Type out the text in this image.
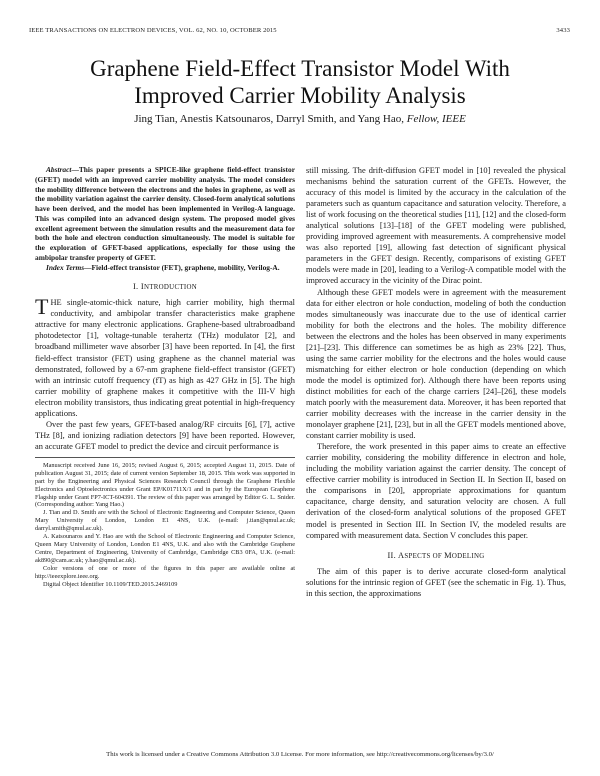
IEEE TRANSACTIONS ON ELECTRON DEVICES, VOL. 62, NO. 10, OCTOBER 2015	3433
Graphene Field-Effect Transistor Model With
Improved Carrier Mobility Analysis
Jing Tian, Anestis Katsounaros, Darryl Smith, and Yang Hao, Fellow, IEEE

Abstract—This paper presents a SPICE-like graphene field-effect transistor (GFET) model with an improved carrier mobility analysis. The model considers the mobility difference between the electrons and the holes in graphene, as well as the mobility variation against the carrier density. Closed-form analytical solutions have been derived, and the model has been implemented in Verilog-A language. This was compiled into an advanced design system. The proposed model gives excellent agreement between the simulation results and the measurement data for both the hole and electron conduction simultaneously. The model is suitable for the exploration of GFET-based applications, especially for those using the ambipolar transfer property of GFET.

Index Terms—Field-effect transistor (FET), graphene, mobility, Verilog-A.

I. INTRODUCTION
T HE single-atomic-thick nature, high carrier mobility, high thermal conductivity, and ambipolar transfer characteristics make graphene attractive for many electronic applications. Graphene-based ultrabroadband photodetector [1], voltage-tunable terahertz (THz) modulator [2], and broadband millimeter wave absorber [3] have been reported. In [4], the first field-effect transistor (FET) using graphene as the channel material was demonstrated, followed by a 67-nm graphene field-effect transistor (GFET) with an intrinsic cutoff frequency (fT) as high as 427 GHz in [5]. The high carrier mobility of graphene makes it competitive with the III-V high electron mobility transistors, thus indicating great potential in high-frequency applications.

Over the past few years, GFET-based analog/RF circuits [6], [7], active THz [8], and ionizing radiation detectors [9] have been reported. However, an accurate GFET model to predict the device and circuit performance is

Manuscript received June 16, 2015; revised August 6, 2015; accepted August 11, 2015. Date of publication August 31, 2015; date of current version September 18, 2015. This work was supported in part by the Engineering and Physical Sciences Research Council through the Graphene Flexible Electronics and Optoelectronics under Grant EP/K01711X/1 and in part by the European Graphene Flagship under Grant FP7-ICT-604391. The review of this paper was arranged by Editor G. L. Snider. (Corresponding author: Yang Hao.)

J. Tian and D. Smith are with the School of Electronic Engineering and Computer Science, Queen Mary University of London, London E1 4NS, U.K. (e-mail: j.tian@qmul.ac.uk; darryl.smith@qmul.ac.uk).

A. Katsounaros and Y. Hao are with the School of Electronic Engineering and Computer Science, Queen Mary University of London, London E1 4NS, U.K. and also with the Cambridge Graphene Centre, Department of Engineering, University of Cambridge, Cambridge CB3 0FA, U.K. (e-mail: ak890@cam.ac.uk; y.hao@qmul.ac.uk).

Color versions of one or more of the figures in this paper are available online at http://ieeexplore.ieee.org.

Digital Object Identifier 10.1109/TED.2015.2469109

still missing. The drift-diffusion GFET model in [10] revealed the physical mechanisms behind the saturation current of the GFETs. However, the accuracy of this model is limited by the accuracy in the calculation of the parameters such as quantum capacitance and saturation velocity. Therefore, a list of work focusing on the theoretical studies [11], [12] and the closed-form analytical solutions [13]–[18] of the GFET modeling were published, providing improved agreement with measurements. A comprehensive model was also reported [19], allowing fast detection of significant physical parameters in the GFET design. Recently, comparisons of existing GFET models were made in [20], leading to a Verilog-A compatible model with the improved accuracy in the vicinity of the Dirac point.

Although these GFET models were in agreement with the measurement data for either electron or hole conduction, modeling of both the conduction modes simultaneously was inaccurate due to the use of identical carrier mobility for both the electrons and the holes. The mobility difference between the electrons and the holes has been observed in many experiments [21]–[23]. This difference can sometimes be as high as 23% [22]. Thus, using the same carrier mobility for the electrons and the holes would cause mismatching for either electron or hole conduction (depending on which mode the model is optimized for). Although there have been reports using distinct mobilities for each of the charge carriers [24]–[26], these models match poorly with the measurement data. Moreover, it has been reported that carrier mobility decreases with the increase in the carrier density in the monolayer graphene [21], [23], but in all the GFET models mentioned above, constant carrier mobility is used.

Therefore, the work presented in this paper aims to create an effective carrier mobility, considering the mobility difference in electron and hole, including the mobility variation against the carrier density. The concept of effective carrier mobility is introduced in Section II. In Section II, based on the comparisons in [20], appropriate approximations for quantum capacitance, charge density, and saturation velocity are chosen. A full derivation of the closed-form analytical solutions of the proposed GFET model is presented in Section III. In Section IV, the modeled results are compared with measurement data. Section V concludes this paper.

II. ASPECTS OF MODELING

The aim of this paper is to derive accurate closed-form analytical solutions for the intrinsic region of GFET (see the schematic in Fig. 1). Thus, in this section, the approximations

This work is licensed under a Creative Commons Attribution 3.0 License. For more information, see http://creativecommons.org/licenses/by/3.0/
